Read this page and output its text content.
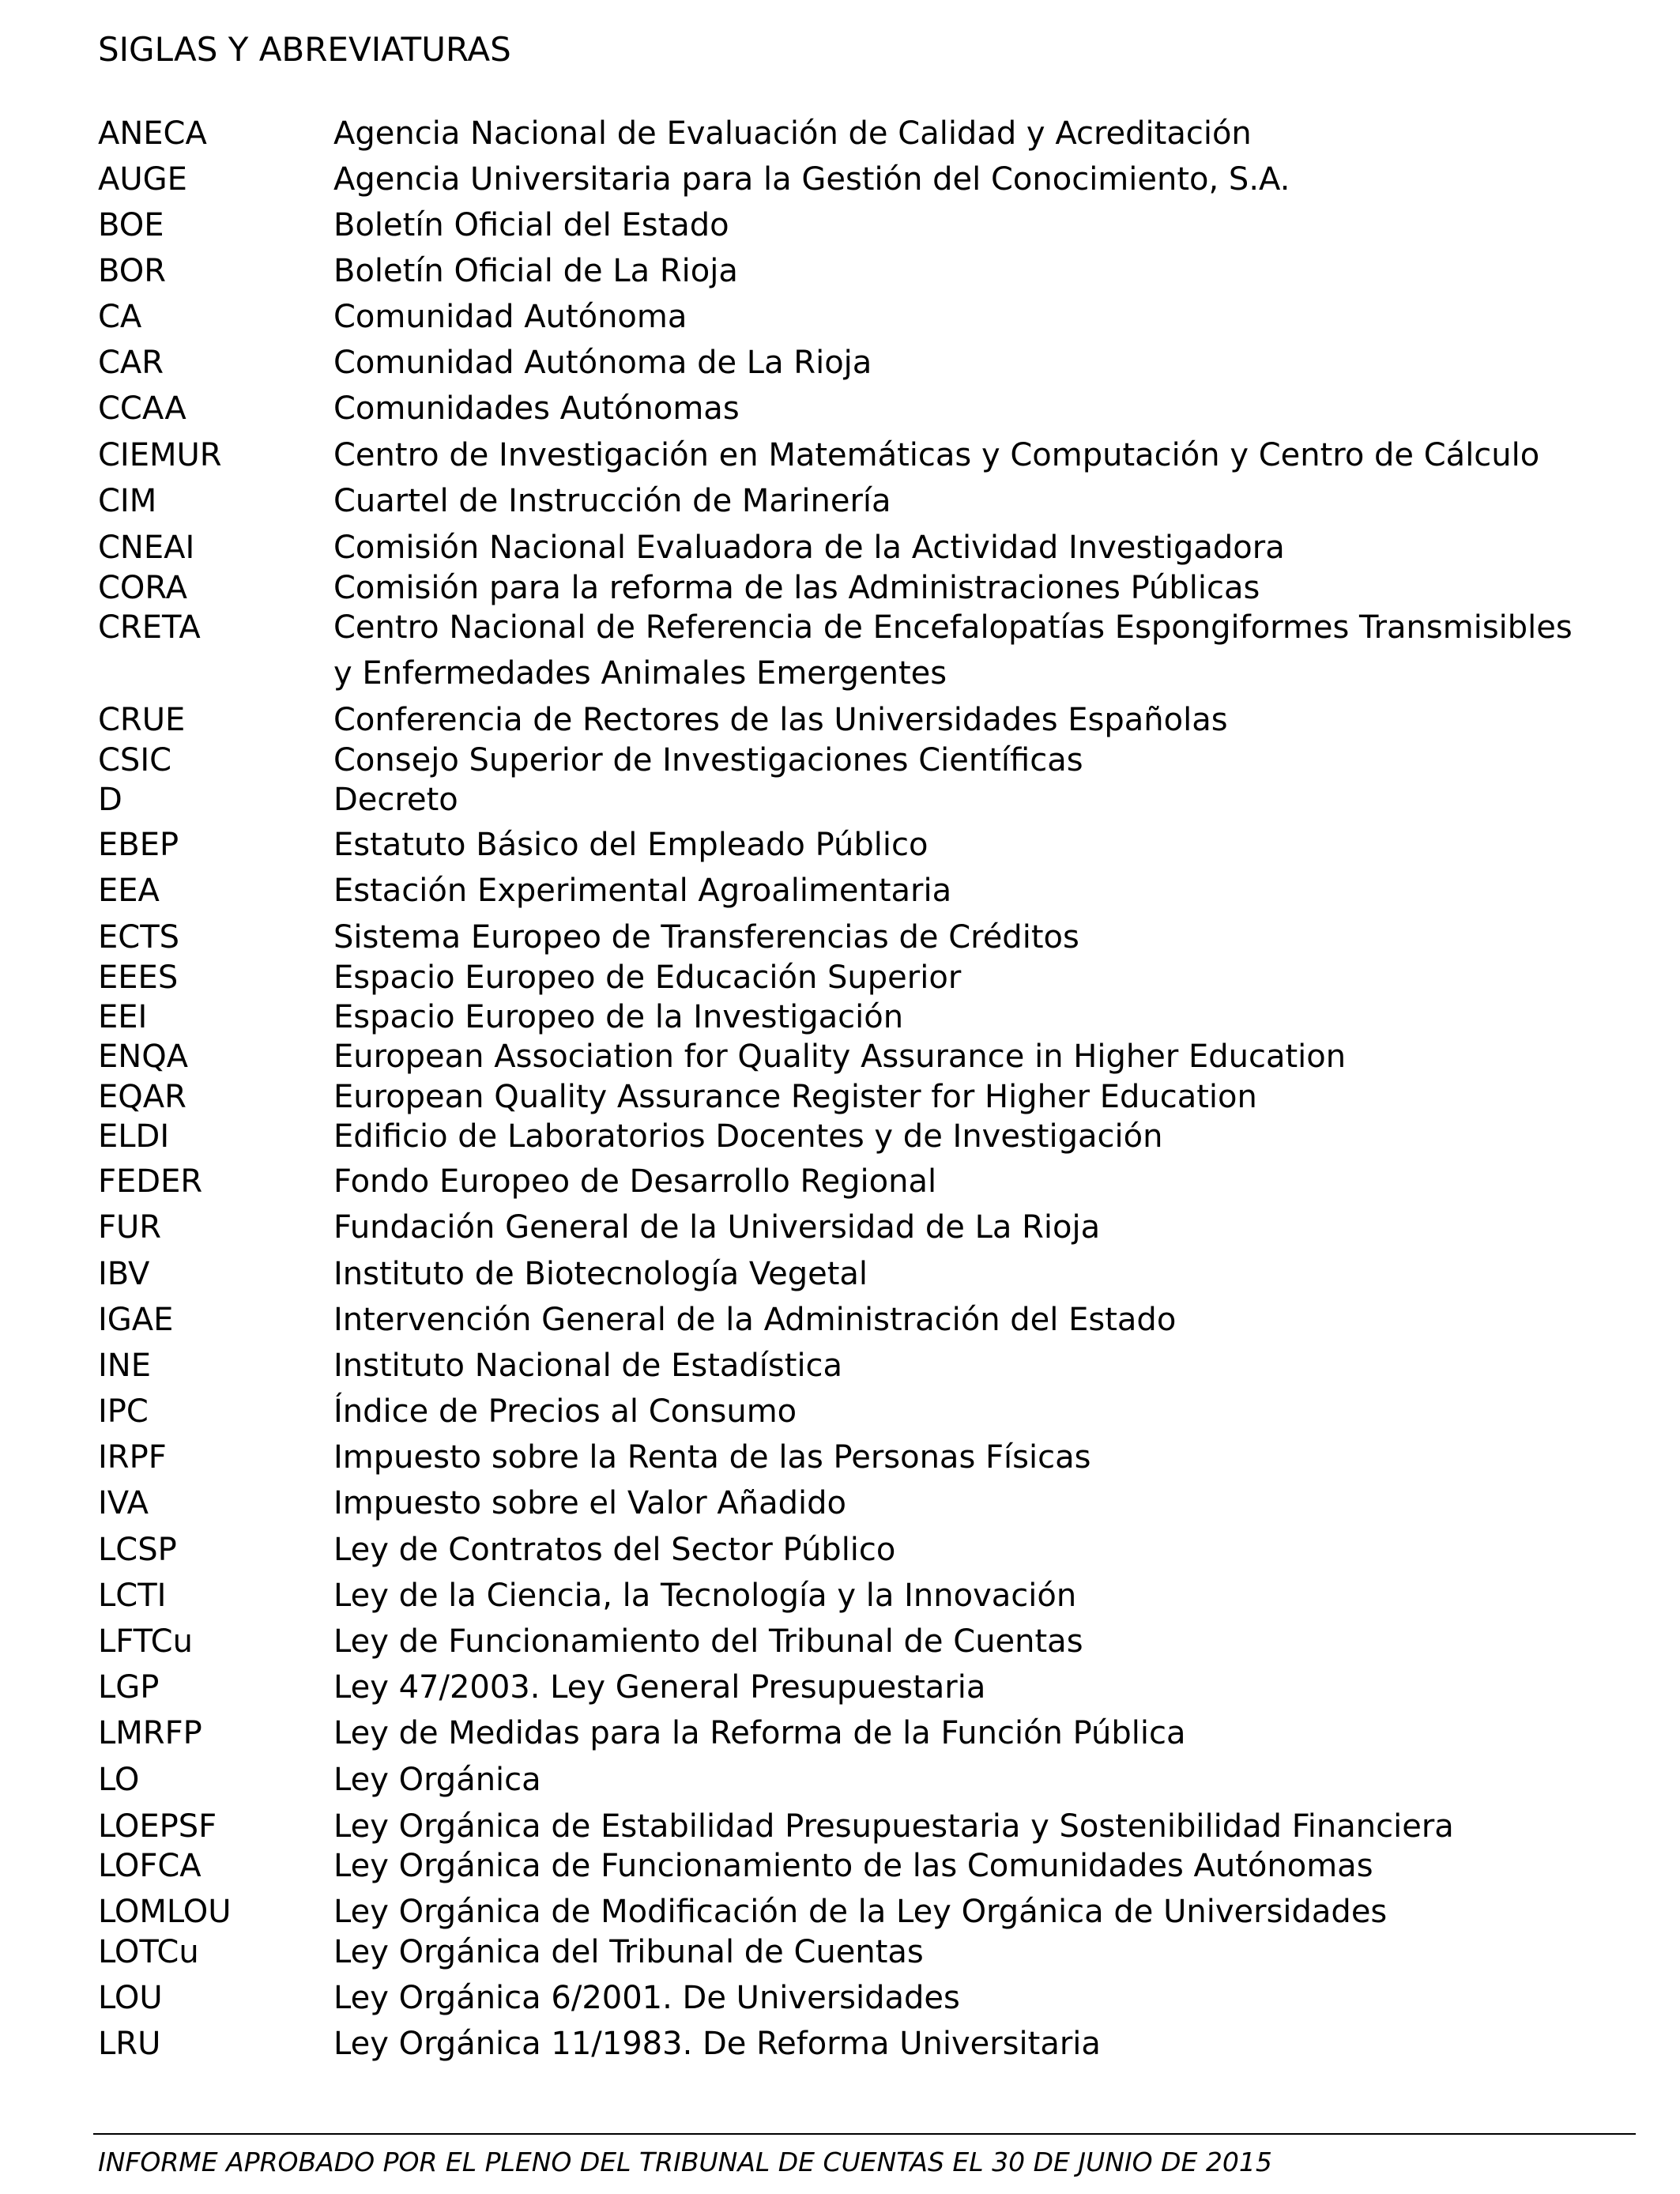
SIGLAS Y ABREVIATURAS
ANECA	Agencia Nacional de Evaluación de Calidad y Acreditación
AUGE	Agencia Universitaria para la Gestión del Conocimiento, S.A.
BOE	Boletín Oficial del Estado
BOR	Boletín Oficial de La Rioja
CA	Comunidad Autónoma
CAR	Comunidad Autónoma de La Rioja
CCAA	Comunidades Autónomas
CIEMUR	Centro de Investigación en Matemáticas y Computación y Centro de Cálculo
CIM	Cuartel de Instrucción de Marinería
CNEAI	Comisión Nacional Evaluadora de la Actividad Investigadora
CORA	Comisión para la reforma de las Administraciones Públicas
CRETA	Centro Nacional de Referencia de Encefalopatías Espongiformes Transmisibles
y Enfermedades Animales Emergentes
CRUE	Conferencia de Rectores de las Universidades Españolas
CSIC	Consejo Superior de Investigaciones Científicas
D	Decreto
EBEP	Estatuto Básico del Empleado Público
EEA	Estación Experimental Agroalimentaria
ECTS	Sistema Europeo de Transferencias de Créditos
EEES	Espacio Europeo de Educación Superior
EEI	Espacio Europeo de la Investigación
ENQA	European Association for Quality Assurance in Higher Education
EQAR	European Quality Assurance Register for Higher Education
ELDI	Edificio de Laboratorios Docentes y de Investigación
FEDER	Fondo Europeo de Desarrollo Regional
FUR	Fundación General de la Universidad de La Rioja
IBV	Instituto de Biotecnología Vegetal
IGAE	Intervención General de la Administración del Estado
INE	Instituto Nacional de Estadística
IPC	Índice de Precios al Consumo
IRPF	Impuesto sobre la Renta de las Personas Físicas
IVA	Impuesto sobre el Valor Añadido
LCSP	Ley de Contratos del Sector Público
LCTI	Ley de la Ciencia, la Tecnología y la Innovación
LFTCu	Ley de Funcionamiento del Tribunal de Cuentas
LGP	Ley 47/2003. Ley General Presupuestaria
LMRFP	Ley de Medidas para la Reforma de la Función Pública
LO	Ley Orgánica
LOEPSF	Ley Orgánica de Estabilidad Presupuestaria y Sostenibilidad Financiera
LOFCA	Ley Orgánica de Funcionamiento de las Comunidades Autónomas
LOMLOU	Ley Orgánica de Modificación de la Ley Orgánica de Universidades
LOTCu	Ley Orgánica del Tribunal de Cuentas
LOU	Ley Orgánica 6/2001. De Universidades
LRU	Ley Orgánica 11/1983. De Reforma Universitaria
INFORME APROBADO POR EL PLENO DEL TRIBUNAL DE CUENTAS EL 30 DE JUNIO DE 2015
